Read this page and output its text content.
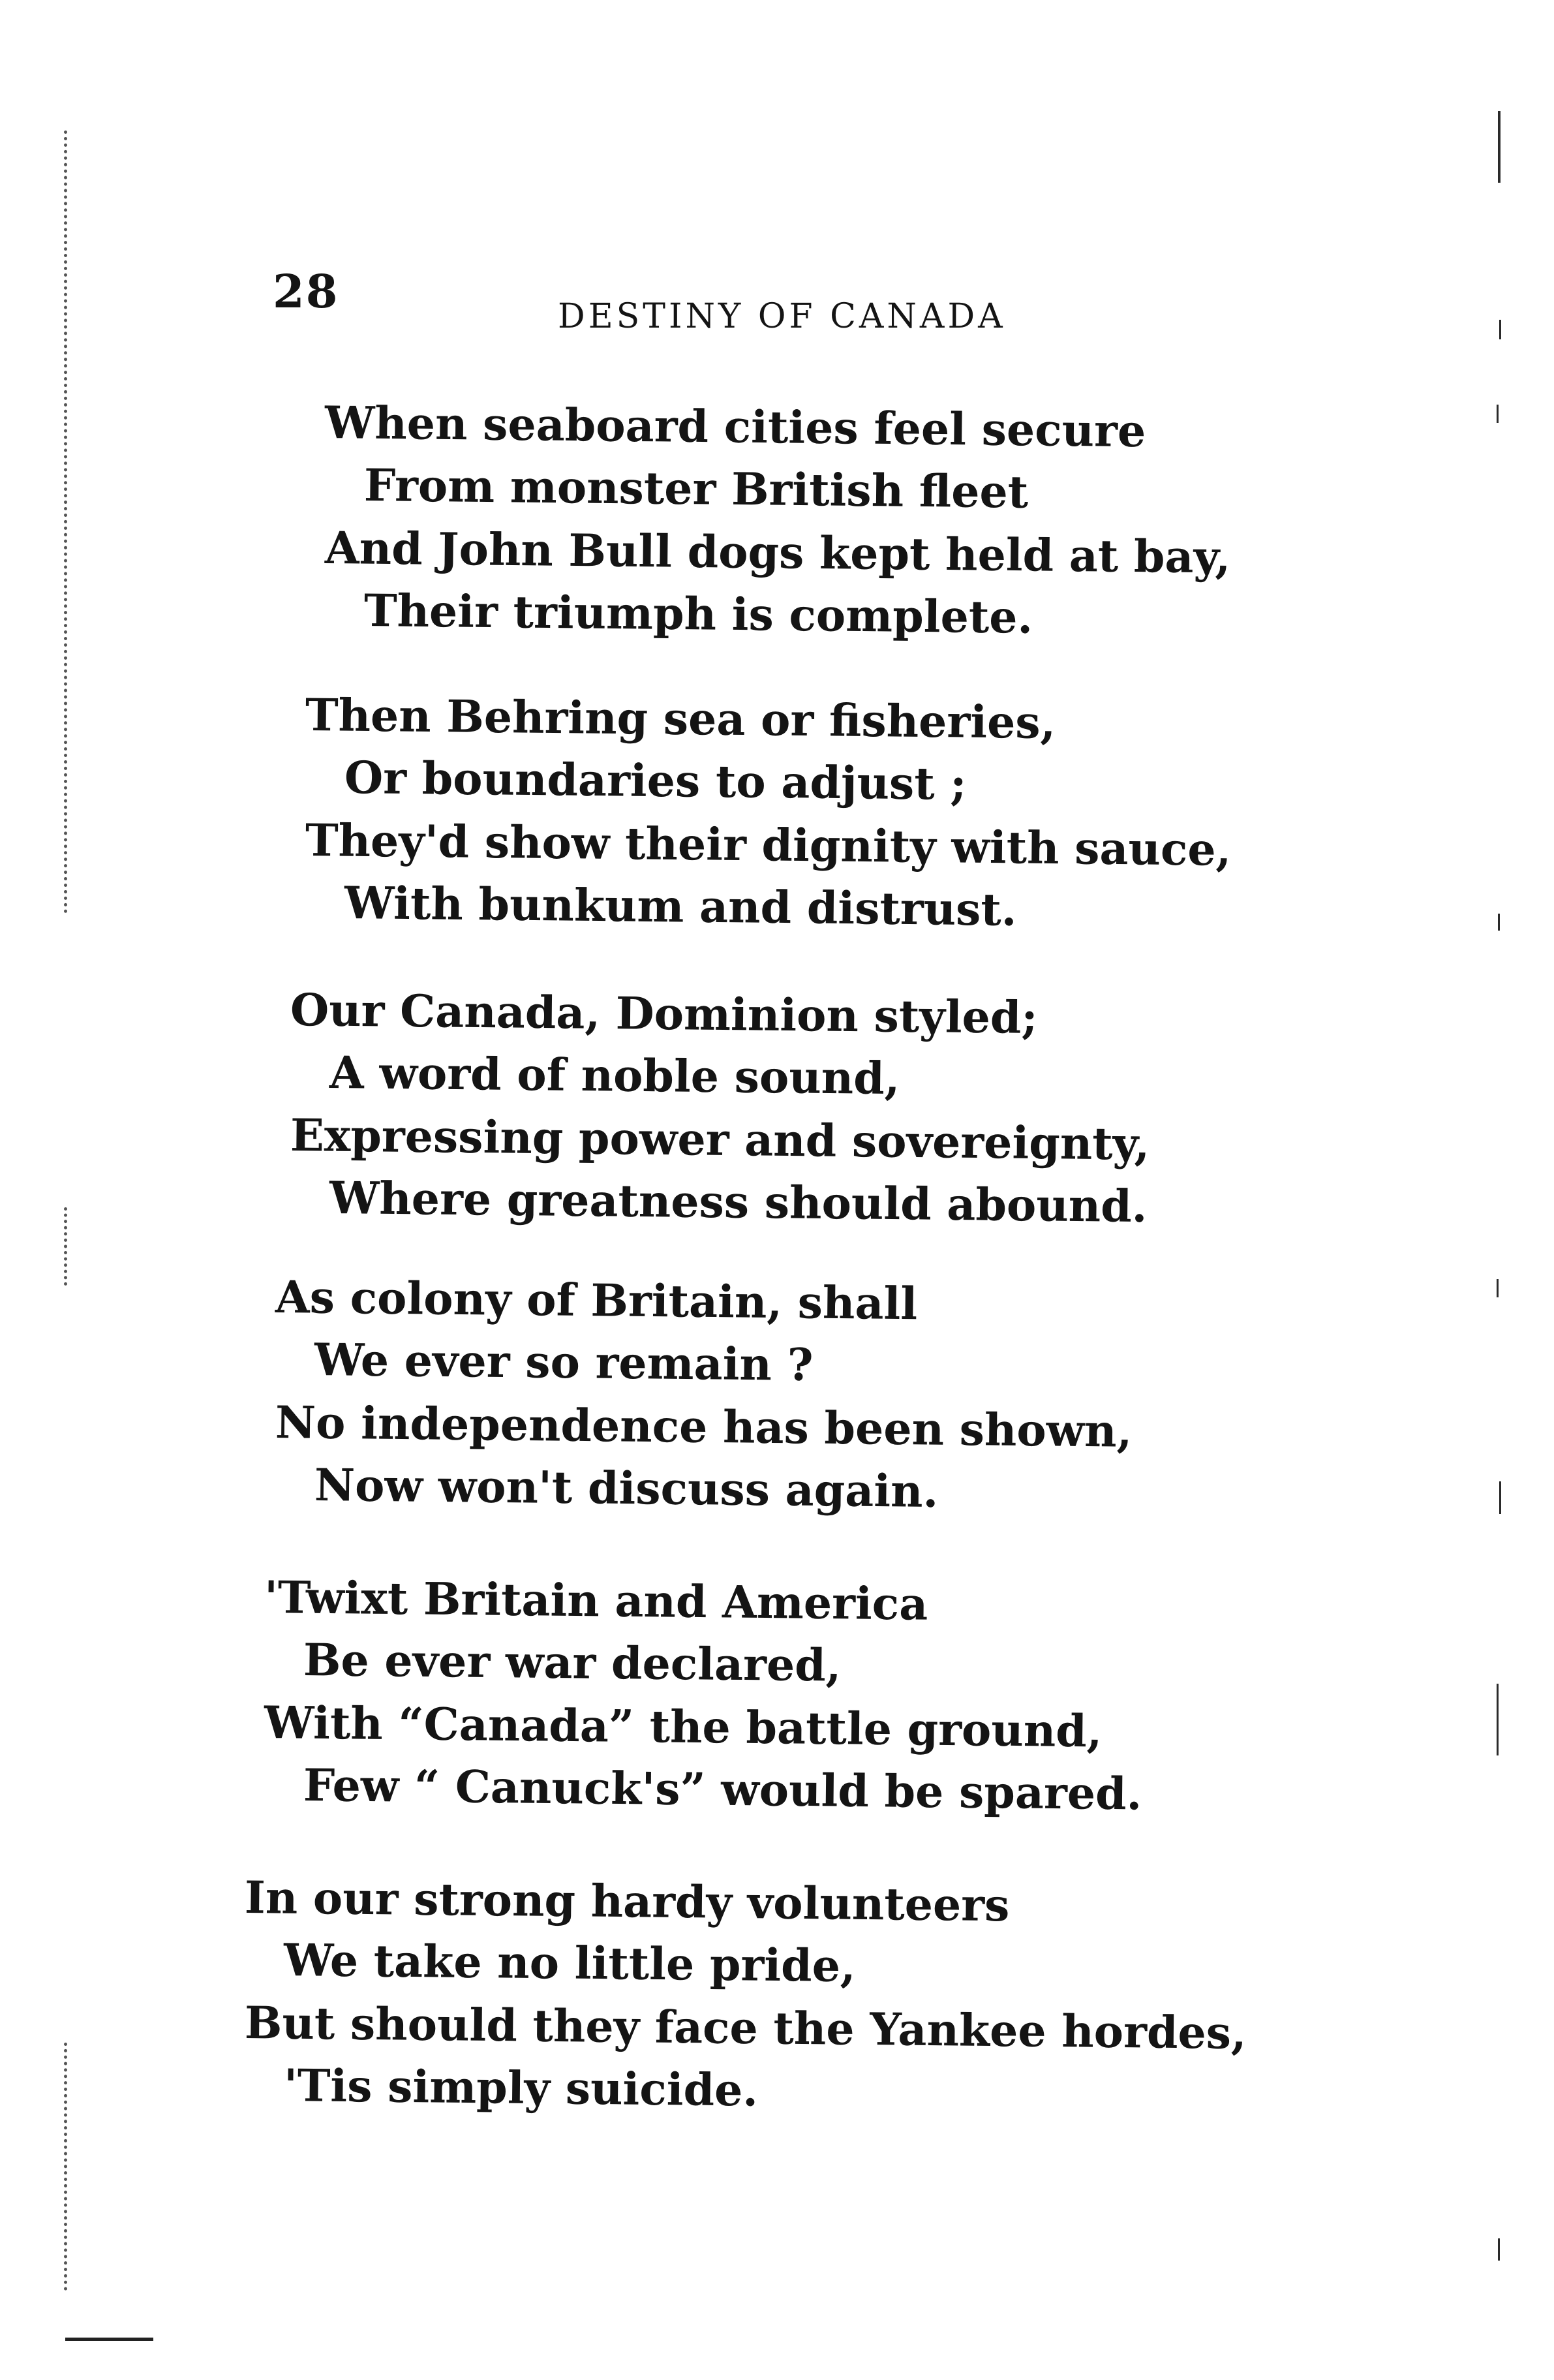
28	DESTINY OF CANADA
When seaboard cities feel secure
From monster British fleet
And John Bull dogs kept held at bay,
Their triumph is complete.
Then Behring sea or fisheries,
Or boundaries to adjust ;
They'd show their dignity with sauce,
With bunkum and distrust.
Our Canada, Dominion styled;
A word of noble sound,
Expressing power and sovereignty,
Where greatness should abound.
As colony of Britain, shall
We ever so remain ?
No independence has been shown,
Now won't discuss again.
'Twixt Britain and America
Be ever war declared,
With “Canada” the battle ground,
Few “ Canuck's” would be spared.
In our strong hardy volunteers
We take no little pride,
But should they face the Yankee hordes,
'Tis simply suicide.
